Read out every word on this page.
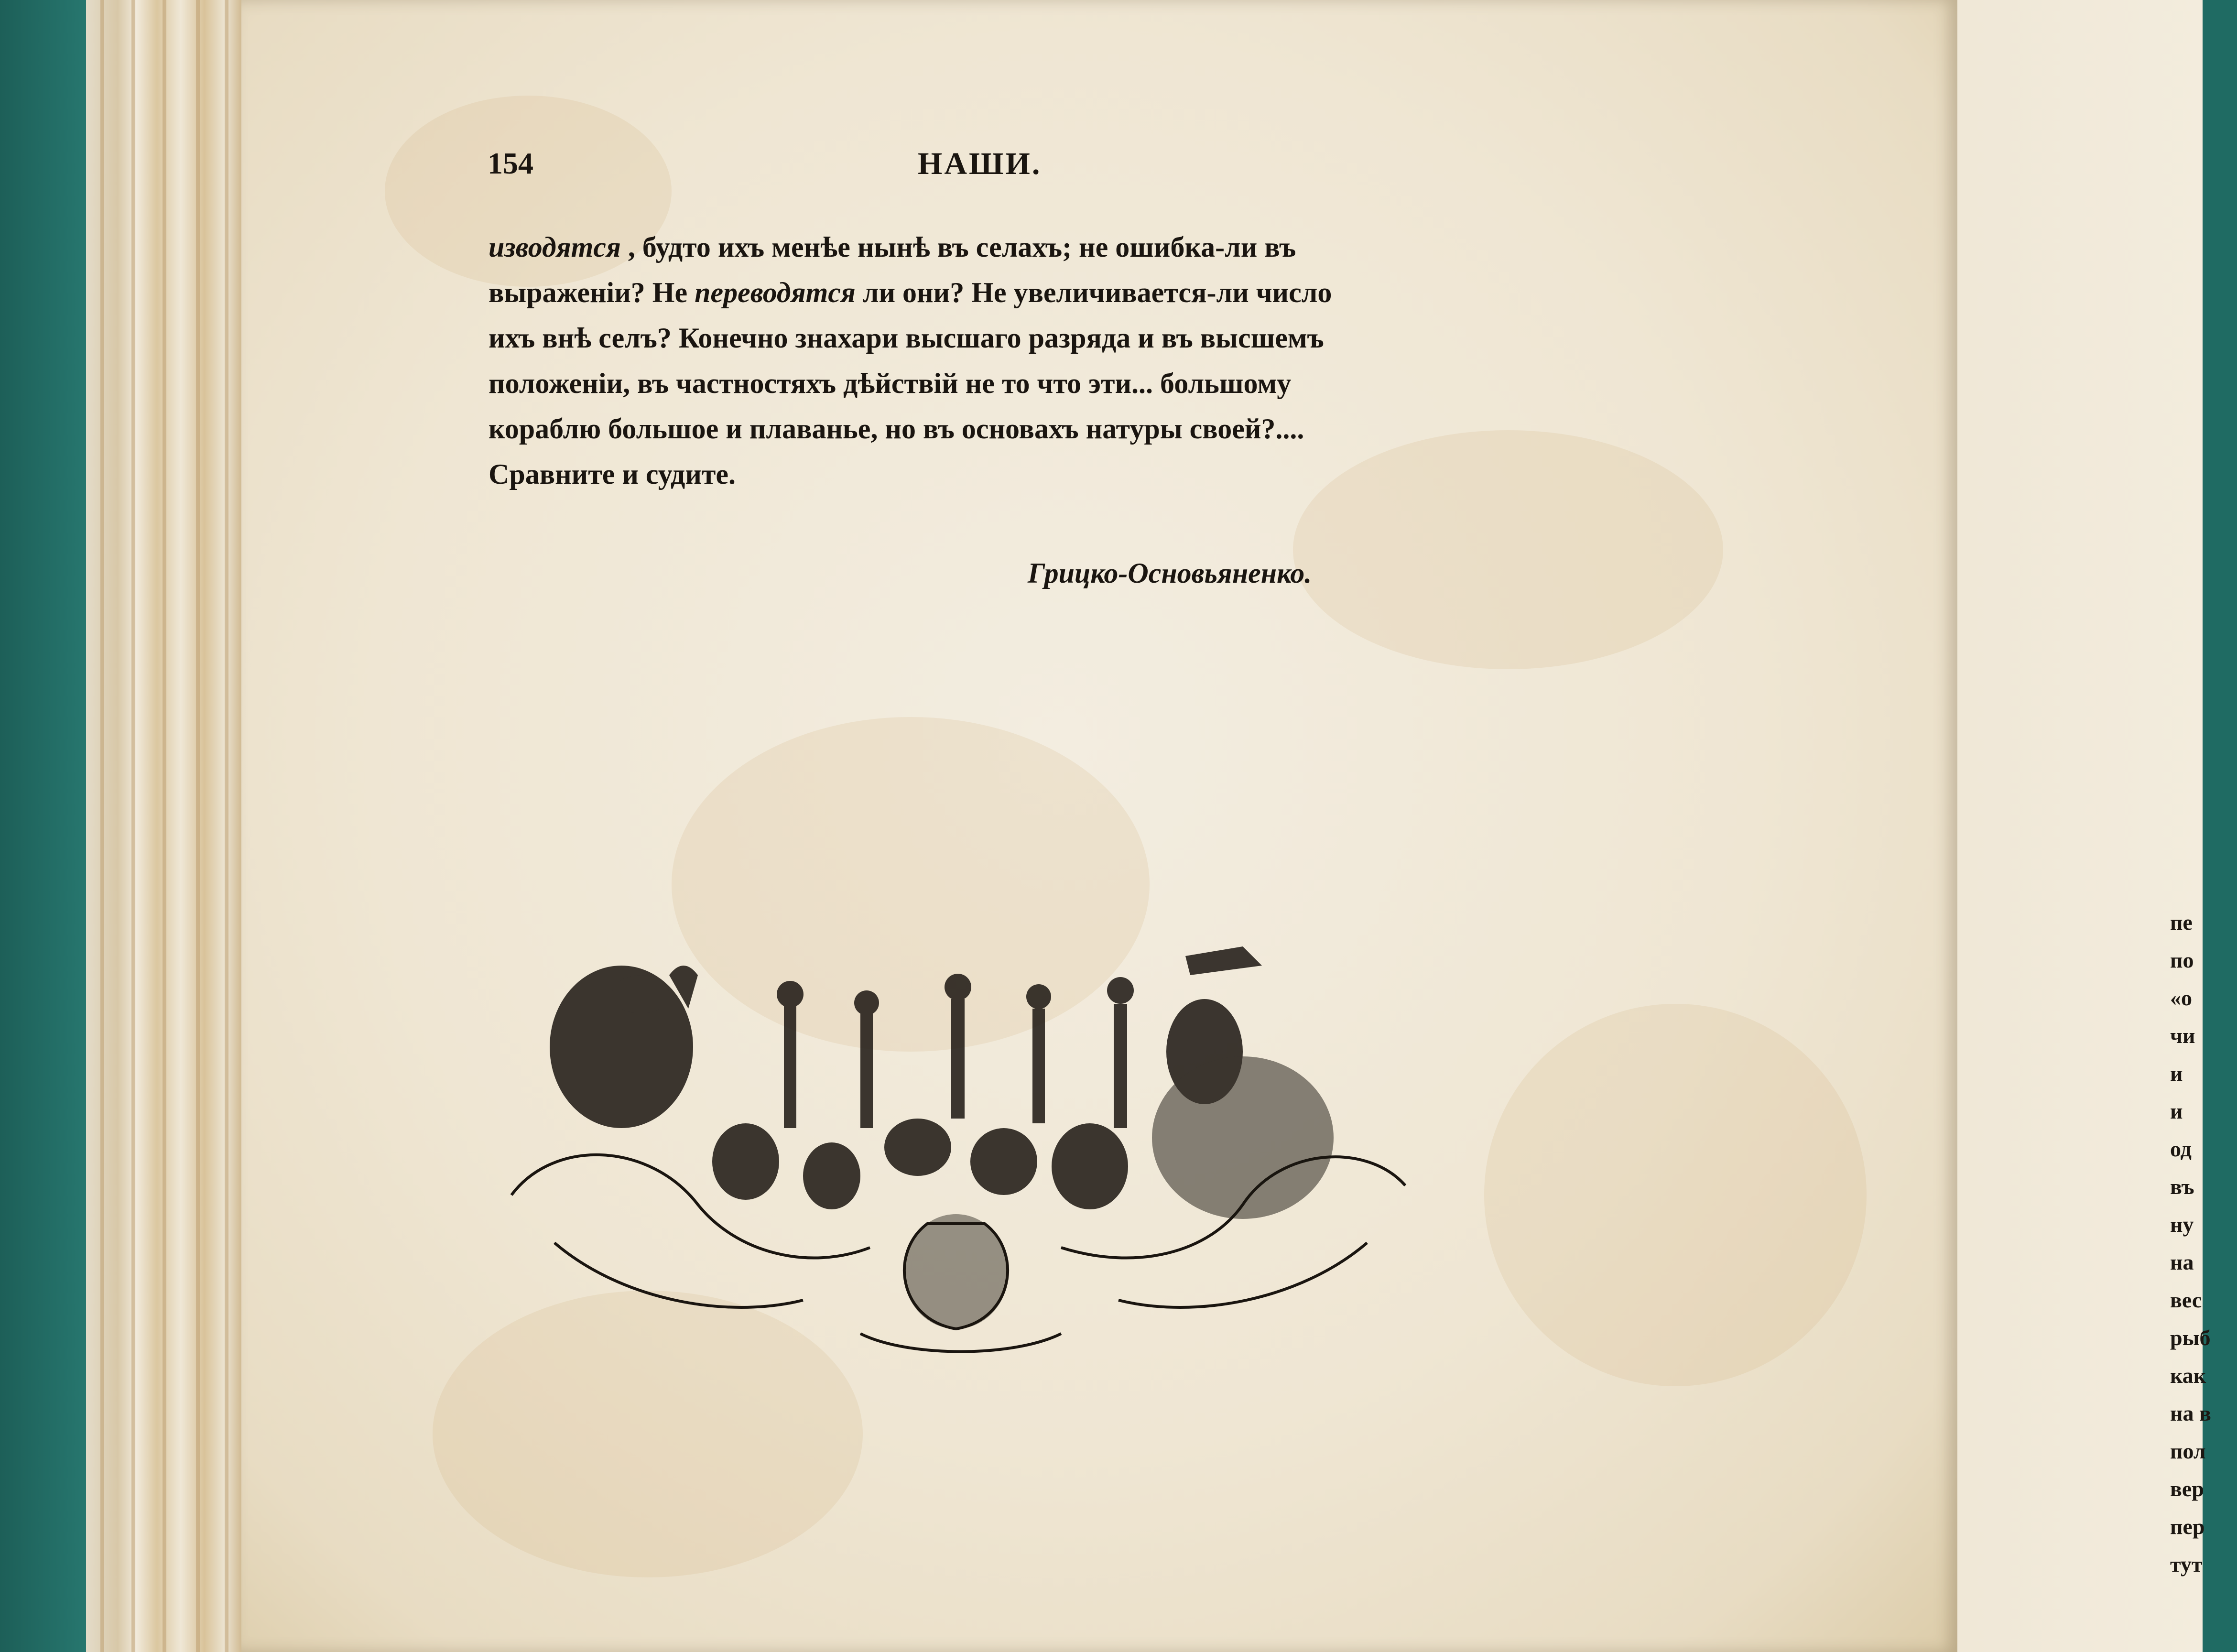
пе
по
«о
чи
и
и
од
въ
ну
на
вес
рыб
как
на в
пол
вер
пер
тут
154	НАШИ.
изводятся , будто ихъ менѣе нынѣ въ селахъ; не ошибка-ли въ
выраженіи? Не переводятся ли они? Не увеличивается-ли число
ихъ внѣ селъ? Конечно знахари высшаго разряда и въ высшемъ
положеніи, въ частностяхъ дѣйствій не то что эти... большому
кораблю большое и плаванье, но въ основахъ натуры своей?....
Сравните и судите.
Грицко-Основьяненко.
